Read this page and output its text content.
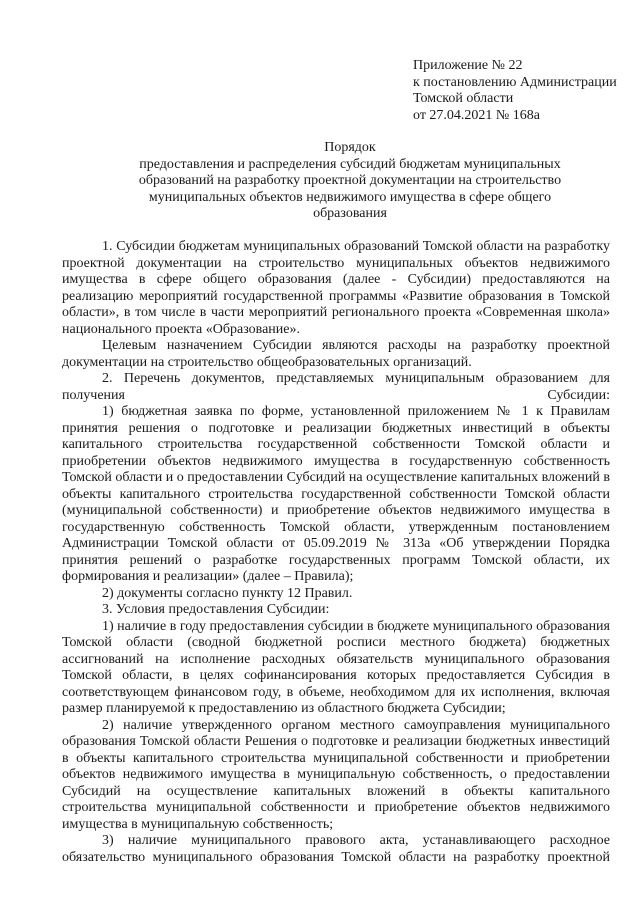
Приложение № 22
к постановлению Администрации
Томской области
от 27.04.2021 № 168а
Порядок
предоставления и распределения субсидий бюджетам муниципальных
образований на разработку проектной документации на строительство
муниципальных объектов недвижимого имущества в сфере общего
образования

1. Субсидии бюджетам муниципальных образований Томской области на разработку проектной документации на строительство муниципальных объектов недвижимого имущества в сфере общего образования (далее - Субсидии) предоставляются на реализацию мероприятий государственной программы «Развитие образования в Томской области», в том числе в части мероприятий регионального проекта «Современная школа» национального проекта «Образование».

Целевым назначением Субсидии являются расходы на разработку проектной документации на строительство общеобразовательных организаций.

2. Перечень документов, представляемых муниципальным образованием для получения Субсидии:

1) бюджетная заявка по форме, установленной приложением № 1 к Правилам принятия решения о подготовке и реализации бюджетных инвестиций в объекты капитального строительства государственной собственности Томской области и приобретении объектов недвижимого имущества в государственную собственность Томской области и о предоставлении Субсидий на осуществление капитальных вложений в объекты капитального строительства государственной собственности Томской области (муниципальной собственности) и приобретение объектов недвижимого имущества в государственную собственность Томской области, утвержденным постановлением Администрации Томской области от 05.09.2019 № 313а «Об утверждении Порядка принятия решений о разработке государственных программ Томской области, их формирования и реализации» (далее – Правила);

2) документы согласно пункту 12 Правил.

3. Условия предоставления Субсидии:

1) наличие в году предоставления субсидии в бюджете муниципального образования Томской области (сводной бюджетной росписи местного бюджета) бюджетных ассигнований на исполнение расходных обязательств муниципального образования Томской области, в целях софинансирования которых предоставляется Субсидия в соответствующем финансовом году, в объеме, необходимом для их исполнения, включая размер планируемой к предоставлению из областного бюджета Субсидии;

2) наличие утвержденного органом местного самоуправления муниципального образования Томской области Решения о подготовке и реализации бюджетных инвестиций в объекты капитального строительства муниципальной собственности и приобретении объектов недвижимого имущества в муниципальную собственность, о предоставлении Субсидий на осуществление капитальных вложений в объекты капитального строительства муниципальной собственности и приобретение объектов недвижимого имущества в муниципальную собственность;

3) наличие муниципального правового акта, устанавливающего расходное обязательство муниципального образования Томской области на разработку проектной
